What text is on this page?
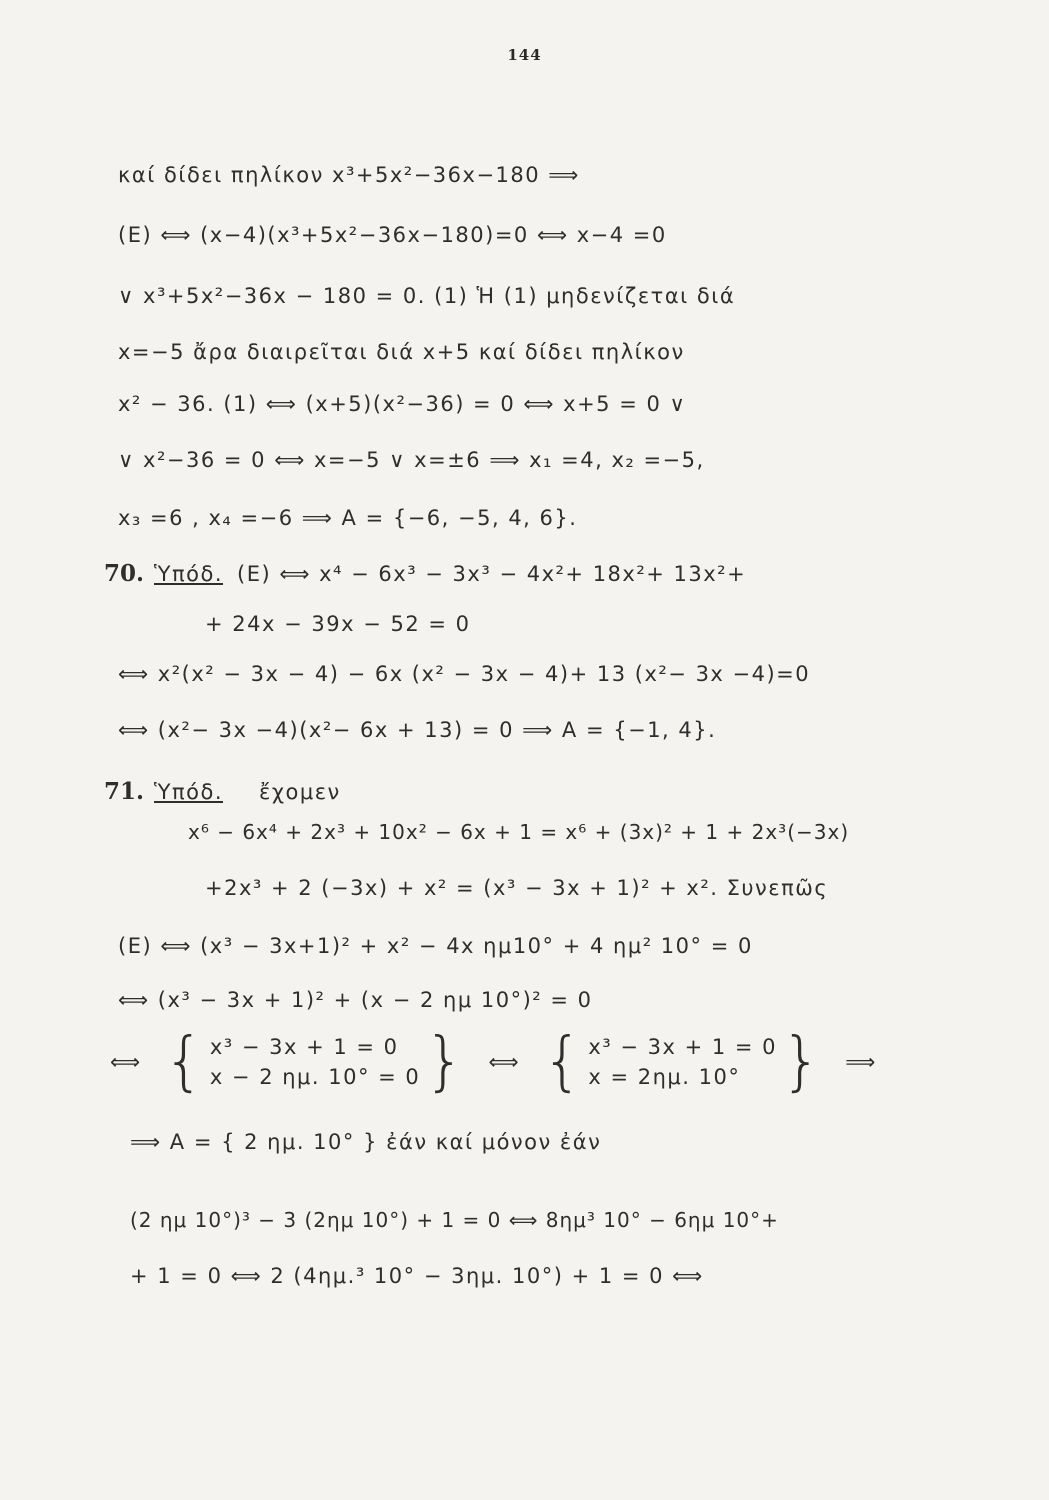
144
καί δίδει πηλίκον x³+5x²−36x−180 ⟹
(E) ⟺ (x−4)(x³+5x²−36x−180)=0 ⟺ x−4 =0
∨ x³+5x²−36x − 180 = 0. (1) Ἡ (1) μηδενίζεται διά
x=−5 ἄρα διαιρεῖται διά x+5 καί δίδει πηλίκον
x² − 36. (1) ⟺ (x+5)(x²−36) = 0 ⟺ x+5 = 0 ∨
∨ x²−36 = 0 ⟺ x=−5 ∨ x=±6 ⟹ x₁ =4, x₂ =−5,
x₃ =6 , x₄ =−6 ⟹ A = {−6, −5, 4, 6}.
70. Ὑπόδ. (E) ⟺ x⁴ − 6x³ − 3x³ − 4x²+ 18x²+ 13x²+
+ 24x − 39x − 52 = 0
⟺ x²(x² − 3x − 4) − 6x (x² − 3x − 4)+ 13 (x²− 3x −4)=0
⟺ (x²− 3x −4)(x²− 6x + 13) = 0 ⟹ A = {−1, 4}.
71. Ὑπόδ. ἔχομεν
x⁶ − 6x⁴ + 2x³ + 10x² − 6x + 1 = x⁶ + (3x)² + 1 + 2x³(−3x)
+2x³ + 2 (−3x) + x² = (x³ − 3x + 1)² + x². Συνεπῶς
(E) ⟺ (x³ − 3x+1)² + x² − 4x ημ10° + 4 ημ² 10° = 0
⟺ (x³ − 3x + 1)² + (x − 2 ημ 10°)² = 0
⟺ { x³ − 3x + 1 = 0
x − 2 ημ. 10° = 0 } ⟺ { x³ − 3x + 1 = 0
x = 2ημ. 10° } ⟹
⟹ A = { 2 ημ. 10° } ἐάν καί μόνον ἐάν
(2 ημ 10°)³ − 3 (2ημ 10°) + 1 = 0 ⟺ 8ημ³ 10° − 6ημ 10°+
+ 1 = 0 ⟺ 2 (4ημ.³ 10° − 3ημ. 10°) + 1 = 0 ⟺
